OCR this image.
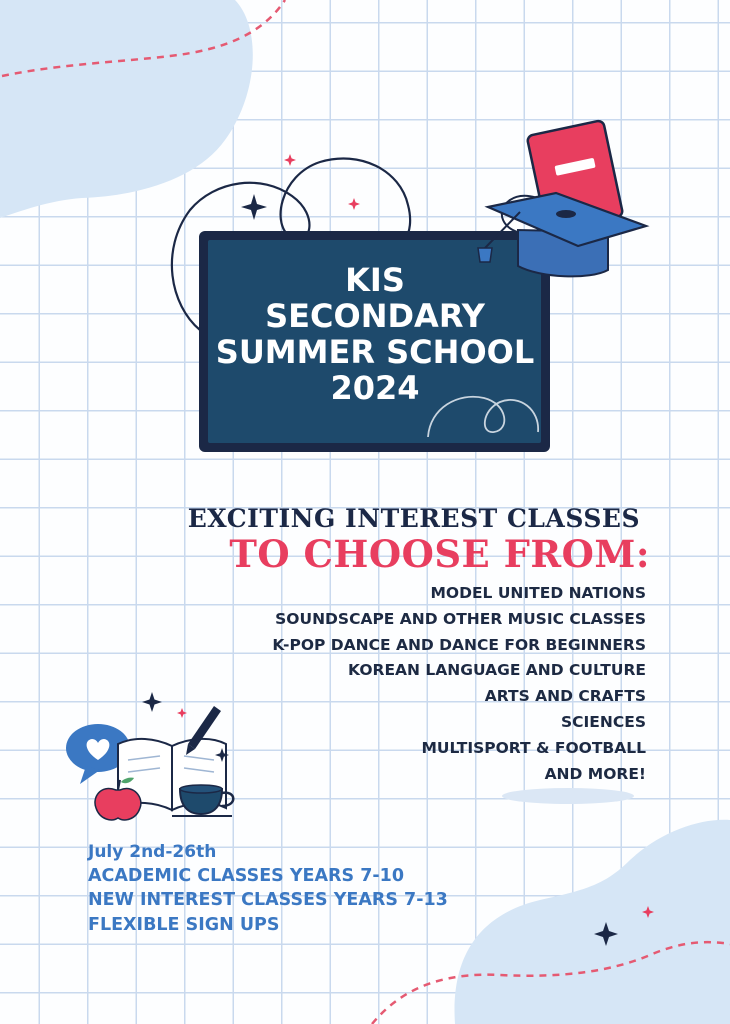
KIS
SECONDARY
SUMMER SCHOOL
2024
EXCITING INTEREST CLASSES
TO CHOOSE FROM:
MODEL UNITED NATIONS
SOUNDSCAPE AND OTHER MUSIC CLASSES
K-POP DANCE AND DANCE FOR BEGINNERS
KOREAN LANGUAGE AND CULTURE
ARTS AND CRAFTS
SCIENCES
MULTISPORT & FOOTBALL
AND MORE!
July 2nd-26th
ACADEMIC CLASSES YEARS 7-10
NEW INTEREST CLASSES YEARS 7-13
FLEXIBLE SIGN UPS
